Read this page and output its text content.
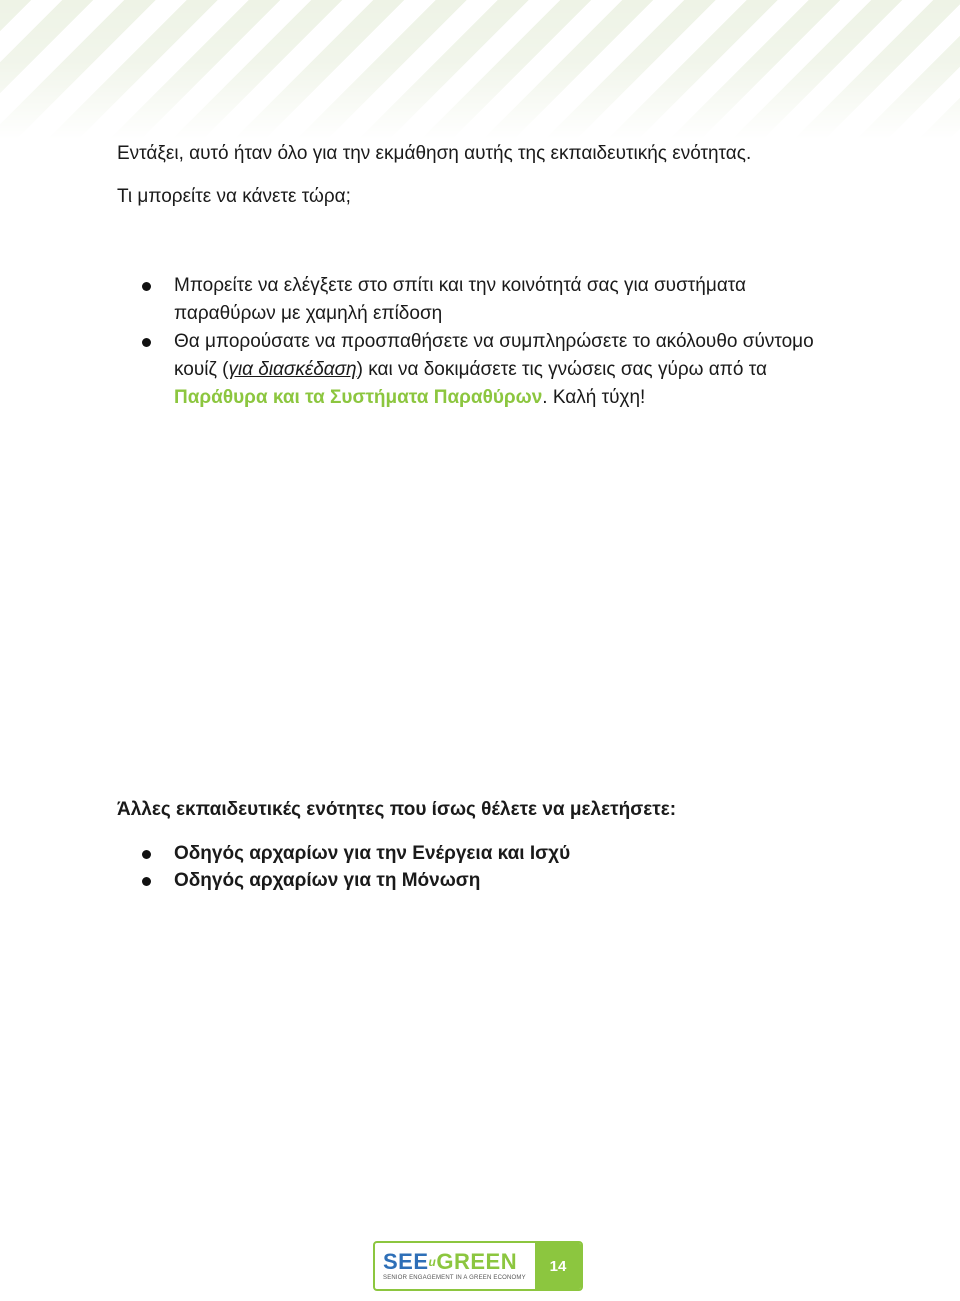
Εντάξει, αυτό ήταν όλο για την εκμάθηση αυτής της εκπαιδευτικής ενότητας.

Τι μπορείτε να κάνετε τώρα;

Μπορείτε να ελέγξετε στο σπίτι και την κοινότητά σας για συστήματα παραθύρων με χαμηλή επίδοση
Θα μπορούσατε να προσπαθήσετε να συμπληρώσετε το ακόλουθο σύντομο κουίζ (για διασκέδαση) και να δοκιμάσετε τις γνώσεις σας γύρω από τα Παράθυρα και τα Συστήματα Παραθύρων. Καλή τύχη!

Άλλες εκπαιδευτικές ενότητες που ίσως θέλετε να μελετήσετε:

Οδηγός αρχαρίων για την Ενέργεια και Ισχύ
Οδηγός αρχαρίων για τη Μόνωση
SEE$^u$GREEN
SENIOR ENGAGEMENT IN A GREEN ECONOMY
14
